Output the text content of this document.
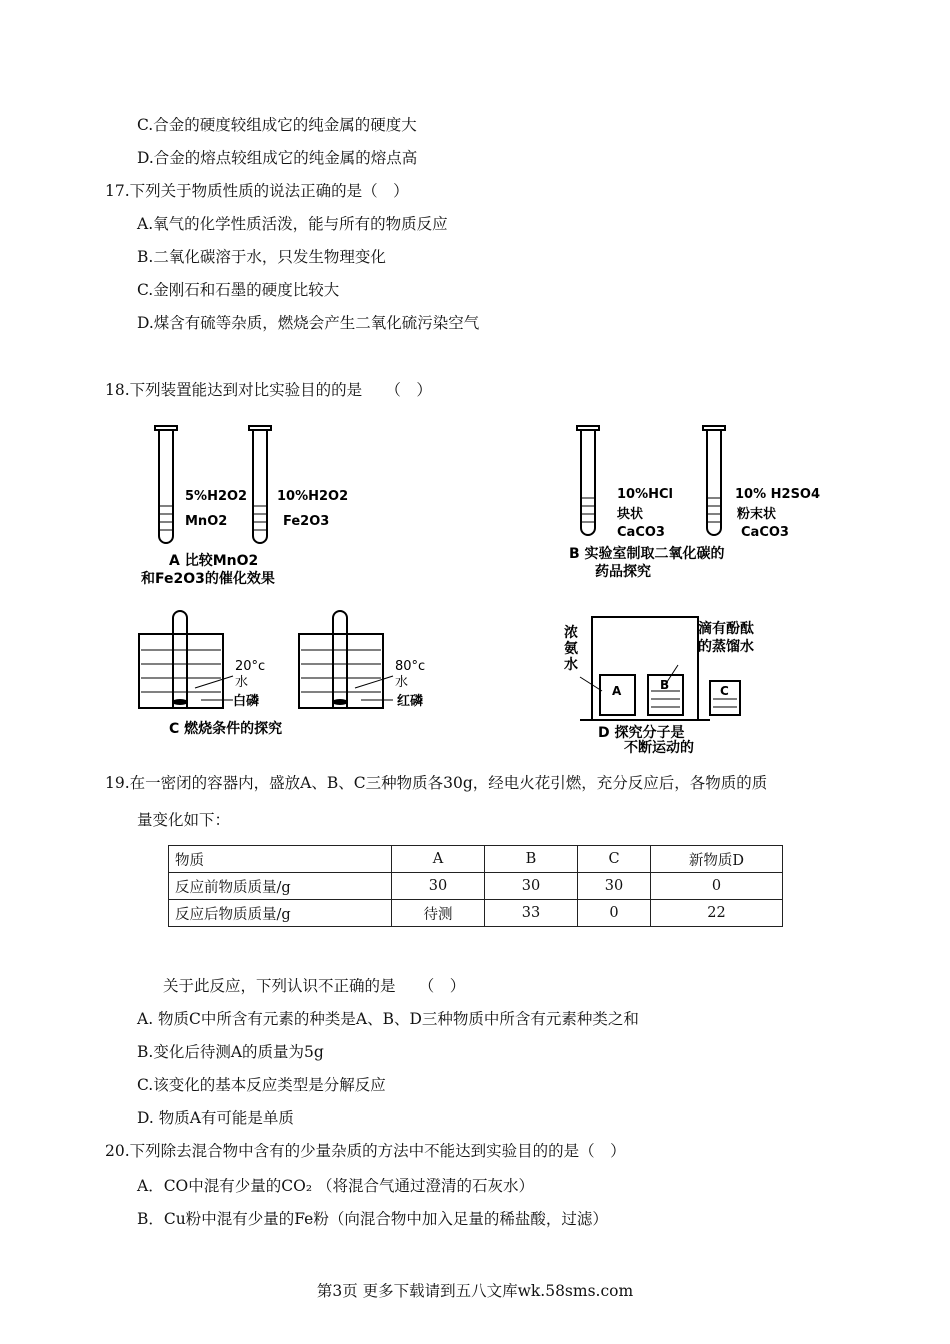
C.合金的硬度较组成它的纯金属的硬度大
D.合金的熔点较组成它的纯金属的熔点高
17.下列关于物质性质的说法正确的是（　）
A.氧气的化学性质活泼，能与所有的物质反应
B.二氧化碳溶于水，只发生物理变化
C.金刚石和石墨的硬度比较大
D.煤含有硫等杂质，燃烧会产生二氧化硫污染空气
18.下列装置能达到对比实验目的的是　　（　）
5%H2O2
MnO2
10%H2O2
Fe2O3
A 比较MnO2
和Fe2O3的催化效果
10%HCl
块状
CaCO3
10% H2SO4
粉末状
CaCO3
B 实验室制取二氧化碳的
药品探究
20°c
水
白磷
80°c
水
红磷
C 燃烧条件的探究
浓
氨
水
滴有酚酞
的蒸馏水
A	B	C
D 探究分子是
不断运动的
19.在一密闭的容器内，盛放A、B、C三种物质各30g，经电火花引燃，充分反应后，各物质的质
量变化如下：
物质	A	B	C	新物质D
反应前物质质量/g	30	30	30	0
反应后物质质量/g	待测	33	0	22
关于此反应，下列认识不正确的是　　（　）
A. 物质C中所含有元素的种类是A、B、D三种物质中所含有元素种类之和
B.变化后待测A的质量为5g
C.该变化的基本反应类型是分解反应
D. 物质A有可能是单质
20.下列除去混合物中含有的少量杂质的方法中不能达到实验目的的是（　）
A．CO中混有少量的CO₂ （将混合气通过澄清的石灰水）
B．Cu粉中混有少量的Fe粉（向混合物中加入足量的稀盐酸，过滤）
第3页 更多下载请到五八文库wk.58sms.com
